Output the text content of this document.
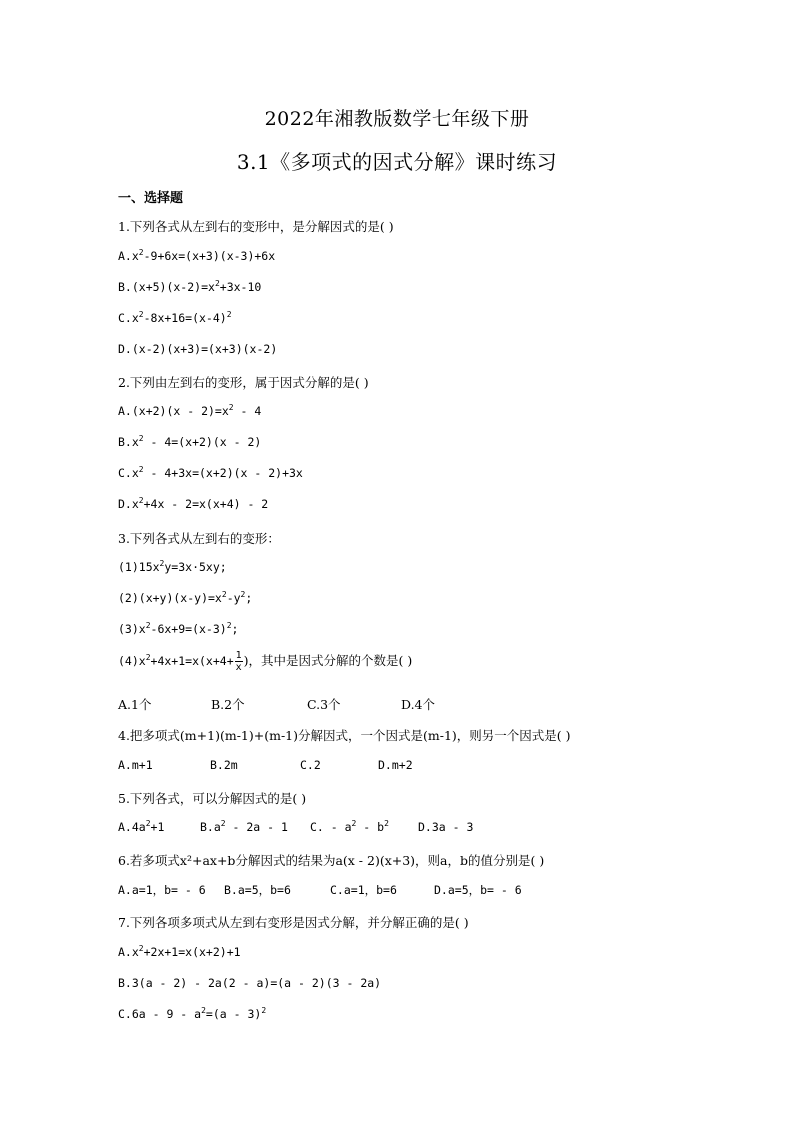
2022年湘教版数学七年级下册
3.1《多项式的因式分解》课时练习
一、选择题
1.下列各式从左到右的变形中，是分解因式的是( )
$A.x^2-9+6x=(x+3)(x-3)+6x$
$B.(x+5)(x-2)=x^2+3x-10$
$C.x^2-8x+16=(x-4)^2$
D.(x-2)(x+3)=(x+3)(x-2)
2.下列由左到右的变形，属于因式分解的是( )
$A.(x+2)(x - 2)=x^2 - 4$
$B.x^2 - 4=(x+2)(x - 2)$
$C.x^2 - 4+3x=(x+2)(x - 2)+3x$
$D.x^2+4x - 2=x(x+4) - 2$
3.下列各式从左到右的变形：
$(1)15x^2y=3x\cdot 5xy$;
$(2)(x+y)(x-y)=x^2-y^2$;
$(3)x^2-6x+9=(x-3)^2$;
$(4)x^2+4x+1=x(x+4+ \frac{1}{x}$ )，其中是因式分解的个数是( )
A.1个	B.2个	C.3个	D.4个
4.把多项式(m+1)(m-1)+(m-1)分解因式，一个因式是(m-1)，则另一个因式是( )
A.m+1	B.2m	C.2	D.m+2
5.下列各式，可以分解因式的是( )
$A.4a^2+1$	$B.a^2 - 2a - 1$ C. - $a^2 - b^2$	D.3a - 3
6.若多项式x²+ax+b分解因式的结果为a(x - 2)(x+3)，则a，b的值分别是( )
A.a=1，b= - 6 B.a=5，b=6	C.a=1，b=6	D.a=5，b= - 6
7.下列各项多项式从左到右变形是因式分解，并分解正确的是( )
$A.x^2+2x+1=x(x+2)+1$
B.3(a - 2) - 2a(2 - a)=(a - 2)(3 - 2a)
$C.6a - 9 - a^2=(a - 3)^2$
